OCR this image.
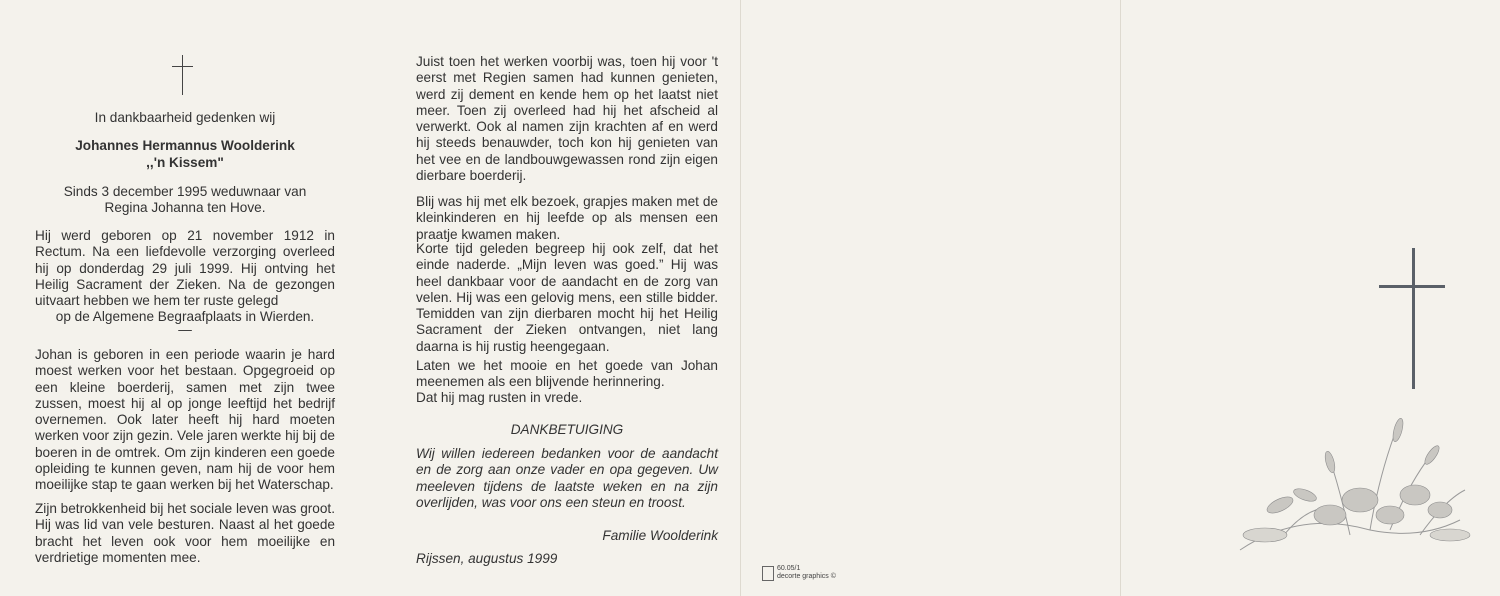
In dankbaarheid gedenken wij

Johannes Hermannus Woolderink

,,'n Kissem"

Sinds 3 december 1995 weduwnaar van

Regina Johanna ten Hove.

Hij werd geboren op 21 november 1912 in Rectum. Na een liefdevolle verzorging overleed hij op donderdag 29 juli 1999. Hij ontving het Heilig Sacrament der Zieken. Na de gezongen uitvaart hebben we hem ter ruste gelegd

op de Algemene Begraafplaats in Wierden.

—

Johan is geboren in een periode waarin je hard moest werken voor het bestaan. Opgegroeid op een kleine boerderij, samen met zijn twee zussen, moest hij al op jonge leeftijd het bedrijf overnemen. Ook later heeft hij hard moeten werken voor zijn gezin. Vele jaren werkte hij bij de boeren in de omtrek. Om zijn kinderen een goede opleiding te kunnen geven, nam hij de voor hem moeilijke stap te gaan werken bij het Waterschap.

Zijn betrokkenheid bij het sociale leven was groot. Hij was lid van vele besturen. Naast al het goede bracht het leven ook voor hem moeilijke en verdrietige momenten mee.

Juist toen het werken voorbij was, toen hij voor 't eerst met Regien samen had kunnen genieten, werd zij dement en kende hem op het laatst niet meer. Toen zij overleed had hij het afscheid al verwerkt. Ook al namen zijn krachten af en werd hij steeds benauwder, toch kon hij genieten van het vee en de landbouwgewassen rond zijn eigen dierbare boerderij.

Blij was hij met elk bezoek, grapjes maken met de kleinkinderen en hij leefde op als mensen een praatje kwamen maken.

Korte tijd geleden begreep hij ook zelf, dat het einde naderde. „Mijn leven was goed.” Hij was heel dankbaar voor de aandacht en de zorg van velen. Hij was een gelovig mens, een stille bidder. Temidden van zijn dierbaren mocht hij het Heilig Sacrament der Zieken ontvangen, niet lang daarna is hij rustig heengegaan.

Laten we het mooie en het goede van Johan meenemen als een blijvende herinnering.

Dat hij mag rusten in vrede.

DANKBETUIGING

Wij willen iedereen bedanken voor de aandacht en de zorg aan onze vader en opa gegeven. Uw meeleven tijdens de laatste weken en na zijn overlijden, was voor ons een steun en troost.

Familie Woolderink

Rijssen, augustus 1999

60.05/1
decorte graphics ©
